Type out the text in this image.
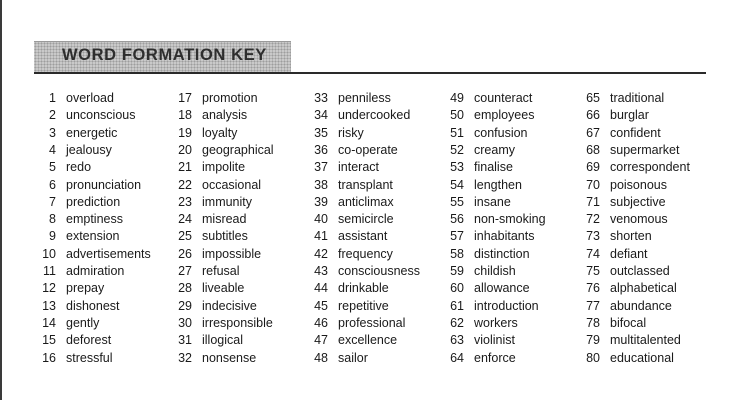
WORD FORMATION KEY
1 overload
2 unconscious
3 energetic
4 jealousy
5 redo
6 pronunciation
7 prediction
8 emptiness
9 extension
10 advertisements
11 admiration
12 prepay
13 dishonest
14 gently
15 deforest
16 stressful
17 promotion
18 analysis
19 loyalty
20 geographical
21 impolite
22 occasional
23 immunity
24 misread
25 subtitles
26 impossible
27 refusal
28 liveable
29 indecisive
30 irresponsible
31 illogical
32 nonsense
33 penniless
34 undercooked
35 risky
36 co-operate
37 interact
38 transplant
39 anticlimax
40 semicircle
41 assistant
42 frequency
43 consciousness
44 drinkable
45 repetitive
46 professional
47 excellence
48 sailor
49 counteract
50 employees
51 confusion
52 creamy
53 finalise
54 lengthen
55 insane
56 non-smoking
57 inhabitants
58 distinction
59 childish
60 allowance
61 introduction
62 workers
63 violinist
64 enforce
65 traditional
66 burglar
67 confident
68 supermarket
69 correspondent
70 poisonous
71 subjective
72 venomous
73 shorten
74 defiant
75 outclassed
76 alphabetical
77 abundance
78 bifocal
79 multitalented
80 educational
